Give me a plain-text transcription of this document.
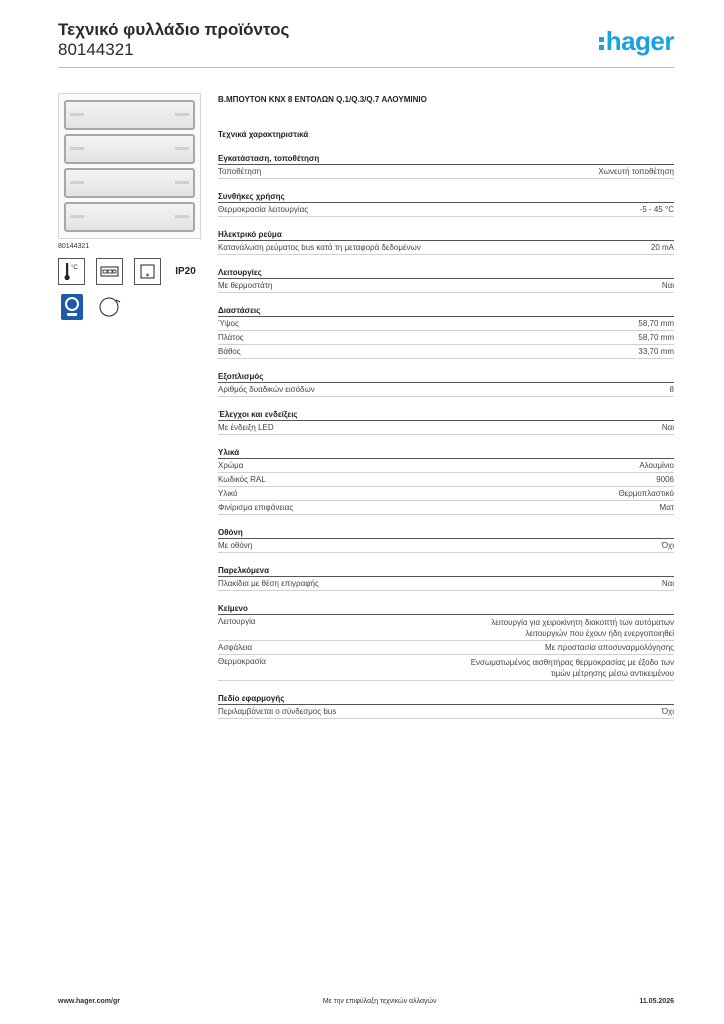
Τεχνικό φυλλάδιο προϊόντος
80144321	hager
80144321
°C	IP20
B.ΜΠΟΥΤΟΝ KNX 8 ΕΝΤΟΛΩΝ Q.1/Q.3/Q.7 ΑΛΟΥΜΙΝΙΟ
Τεχνικά χαρακτηριστικά
Εγκατάσταση, τοποθέτηση
Τοποθέτηση	Χωνευτή τοποθέτηση
Συνθήκες χρήσης
Θερμοκρασία λειτουργίας	-5 - 45 °C
Ηλεκτρικό ρεύμα
Κατανάλωση ρεύματος bus κατά τη μεταφορά δεδομένων	20 mA
Λειτουργίες
Με θερμοστάτη	Ναι
Διαστάσεις
Ύψος	58,70 mm
Πλάτος	58,70 mm
Βάθος	33,70 mm
Εξοπλισμός
Αριθμός δυαδικών εισόδων	8
Έλεγχοι και ενδείξεις
Με ένδειξη LED	Ναι
Υλικά
Χρώμα	Αλουμίνιο
Κωδικός RAL	9006
Υλικό	Θερμοπλαστικό
Φινίρισμα επιφάνειας	Ματ
Οθόνη
Με οθόνη	Όχι
Παρελκόμενα
Πλακίδια με θέση επιγραφής	Ναι
Κείμενο
Λειτουργία	λειτουργία για χειροκίνητη διακοπτή των αυτόματων λειτουργιών που έχουν ήδη ενεργοποιηθεί
Ασφάλεια	Με προστασία αποσυναρμολόγησης
Θερμοκρασία	Ενσωματωμένος αισθητήρας θερμοκρασίας με έξοδο των τιμών μέτρησης μέσω αντικειμένου
Πεδίο εφαρμογής
Περιλαμβάνεται ο σύνδεσμος bus	Όχι
www.hager.com/gr	Με την επιφύλαξη τεχνικών αλλαγών	11.05.2026
